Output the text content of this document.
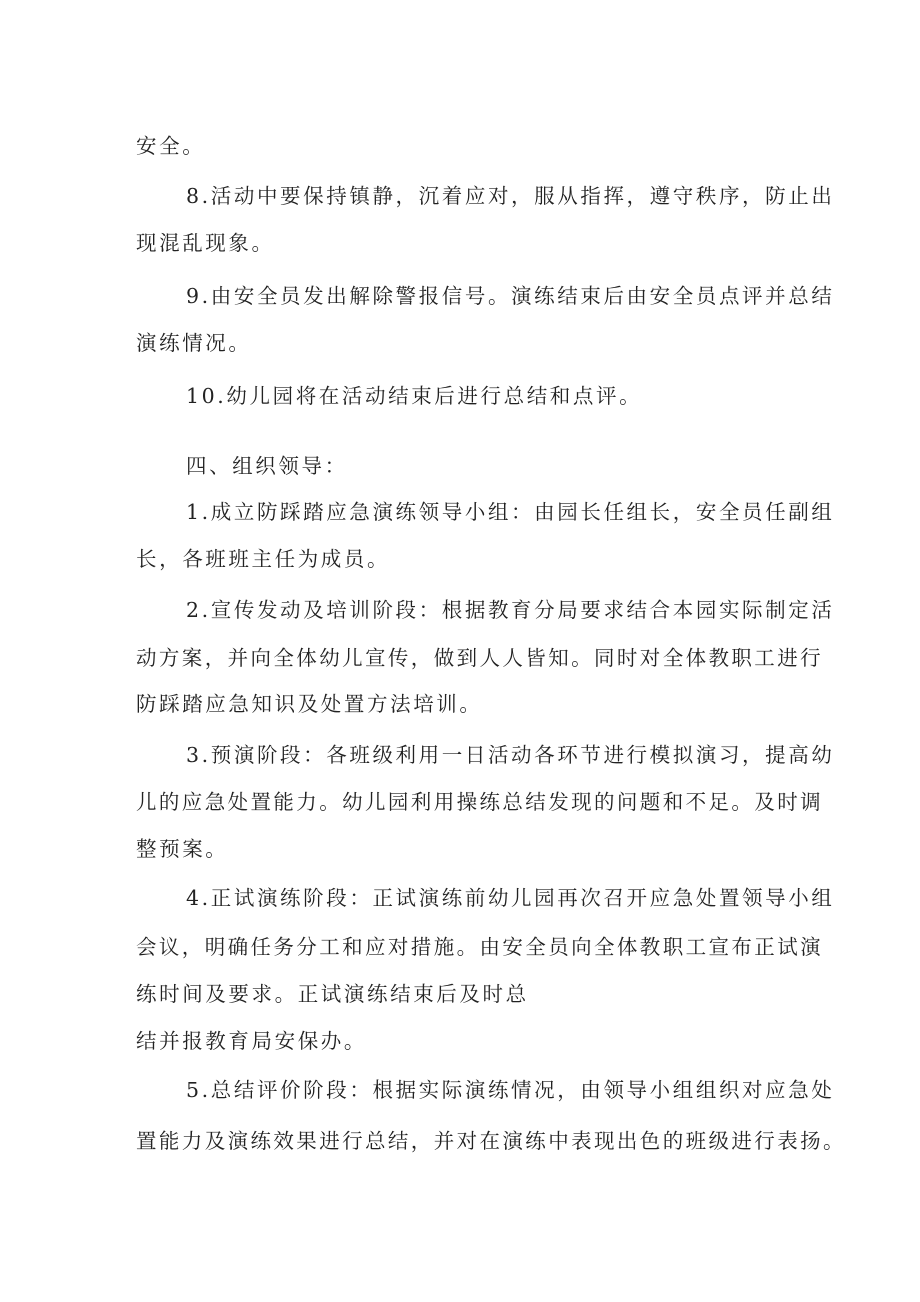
安全。

8.活动中要保持镇静，沉着应对，服从指挥，遵守秩序，防止出

现混乱现象。

9.由安全员发出解除警报信号。演练结束后由安全员点评并总结

演练情况。

10.幼儿园将在活动结束后进行总结和点评。

四、组织领导：

1.成立防踩踏应急演练领导小组：由园长任组长，安全员任副组

长，各班班主任为成员。

2.宣传发动及培训阶段：根据教育分局要求结合本园实际制定活

动方案，并向全体幼儿宣传，做到人人皆知。同时对全体教职工进行

防踩踏应急知识及处置方法培训。

3.预演阶段：各班级利用一日活动各环节进行模拟演习，提高幼

儿的应急处置能力。幼儿园利用操练总结发现的问题和不足。及时调

整预案。

4.正试演练阶段：正试演练前幼儿园再次召开应急处置领导小组

会议，明确任务分工和应对措施。由安全员向全体教职工宣布正试演

练时间及要求。正试演练结束后及时总

结并报教育局安保办。

5.总结评价阶段：根据实际演练情况，由领导小组组织对应急处

置能力及演练效果进行总结，并对在演练中表现出色的班级进行表扬。
